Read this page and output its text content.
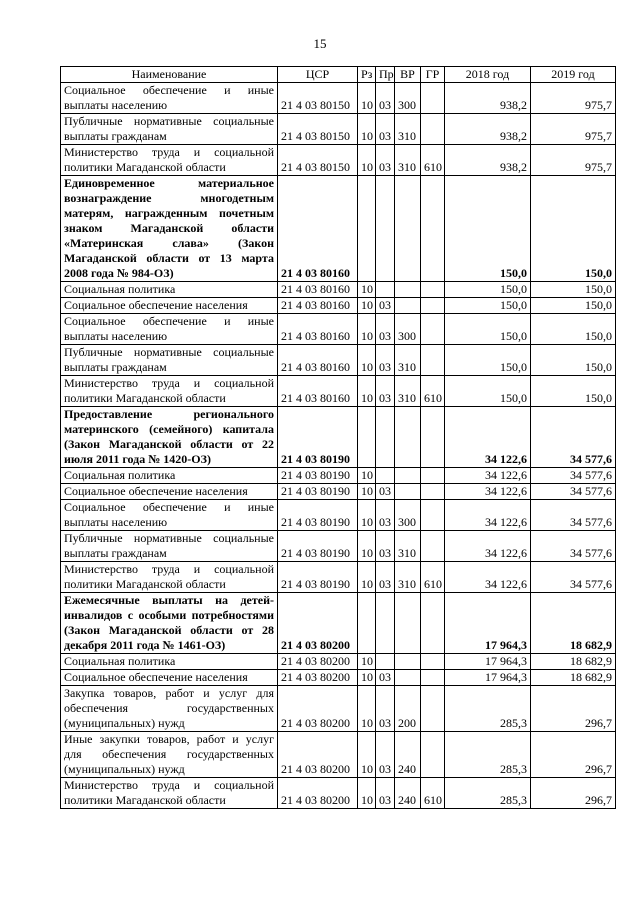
15
Наименование	ЦСР	Рз	Пр	ВР	ГР	2018 год	2019 год
Социальное обеспечение и иные выплаты населению	21 4 03 80150	10	03	300		938,2	975,7
Публичные нормативные социальные выплаты гражданам	21 4 03 80150	10	03	310		938,2	975,7
Министерство труда и социальной политики Магаданской области	21 4 03 80150	10	03	310	610	938,2	975,7
Единовременное материальное вознаграждение многодетным матерям, награжденным почетным знаком Магаданской области «Материнская слава» (Закон Магаданской области от 13 марта 2008 года № 984-ОЗ)	21 4 03 80160					150,0	150,0
Социальная политика	21 4 03 80160	10				150,0	150,0
Социальное обеспечение населения	21 4 03 80160	10	03			150,0	150,0
Социальное обеспечение и иные выплаты населению	21 4 03 80160	10	03	300		150,0	150,0
Публичные нормативные социальные выплаты гражданам	21 4 03 80160	10	03	310		150,0	150,0
Министерство труда и социальной политики Магаданской области	21 4 03 80160	10	03	310	610	150,0	150,0
Предоставление регионального материнского (семейного) капитала (Закон Магаданской области от 22 июля 2011 года № 1420-ОЗ)	21 4 03 80190					34 122,6	34 577,6
Социальная политика	21 4 03 80190	10				34 122,6	34 577,6
Социальное обеспечение населения	21 4 03 80190	10	03			34 122,6	34 577,6
Социальное обеспечение и иные выплаты населению	21 4 03 80190	10	03	300		34 122,6	34 577,6
Публичные нормативные социальные выплаты гражданам	21 4 03 80190	10	03	310		34 122,6	34 577,6
Министерство труда и социальной политики Магаданской области	21 4 03 80190	10	03	310	610	34 122,6	34 577,6
Ежемесячные выплаты на детей-инвалидов с особыми потребностями (Закон Магаданской области от 28 декабря 2011 года № 1461-ОЗ)	21 4 03 80200					17 964,3	18 682,9
Социальная политика	21 4 03 80200	10				17 964,3	18 682,9
Социальное обеспечение населения	21 4 03 80200	10	03			17 964,3	18 682,9
Закупка товаров, работ и услуг для обеспечения государственных (муниципальных) нужд	21 4 03 80200	10	03	200		285,3	296,7
Иные закупки товаров, работ и услуг для обеспечения государственных (муниципальных) нужд	21 4 03 80200	10	03	240		285,3	296,7
Министерство труда и социальной политики Магаданской области	21 4 03 80200	10	03	240	610	285,3	296,7
